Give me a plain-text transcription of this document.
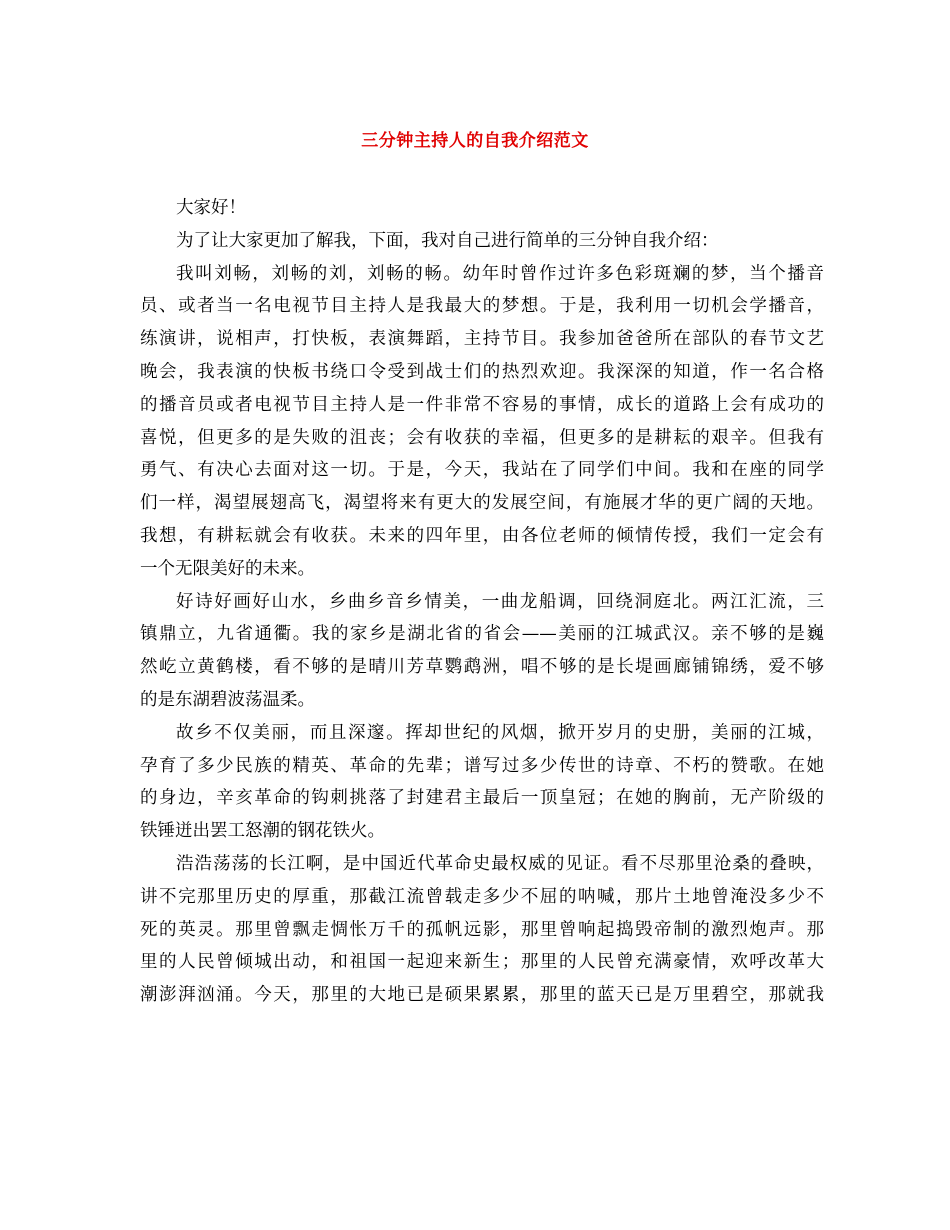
三分钟主持人的自我介绍范文
大家好！
为了让大家更加了解我，下面，我对自己进行简单的三分钟自我介绍：
我叫刘畅，刘畅的刘，刘畅的畅。幼年时曾作过许多色彩斑斓的梦，当个播音
员、或者当一名电视节目主持人是我最大的梦想。于是，我利用一切机会学播音，
练演讲，说相声，打快板，表演舞蹈，主持节目。我参加爸爸所在部队的春节文艺
晚会，我表演的快板书绕口令受到战士们的热烈欢迎。我深深的知道，作一名合格
的播音员或者电视节目主持人是一件非常不容易的事情，成长的道路上会有成功的
喜悦，但更多的是失败的沮丧；会有收获的幸福，但更多的是耕耘的艰辛。但我有
勇气、有决心去面对这一切。于是，今天，我站在了同学们中间。我和在座的同学
们一样，渴望展翅高飞，渴望将来有更大的发展空间，有施展才华的更广阔的天地。
我想，有耕耘就会有收获。未来的四年里，由各位老师的倾情传授，我们一定会有
一个无限美好的未来。
好诗好画好山水，乡曲乡音乡情美，一曲龙船调，回绕洞庭北。两江汇流，三
镇鼎立，九省通衢。我的家乡是湖北省的省会——美丽的江城武汉。亲不够的是巍
然屹立黄鹤楼，看不够的是晴川芳草鹦鹉洲，唱不够的是长堤画廊铺锦绣，爱不够
的是东湖碧波荡温柔。
故乡不仅美丽，而且深邃。挥却世纪的风烟，掀开岁月的史册，美丽的江城，
孕育了多少民族的精英、革命的先辈；谱写过多少传世的诗章、不朽的赞歌。在她
的身边，辛亥革命的钩刺挑落了封建君主最后一顶皇冠；在她的胸前，无产阶级的
铁锤迸出罢工怒潮的钢花铁火。
浩浩荡荡的长江啊，是中国近代革命史最权威的见证。看不尽那里沧桑的叠映，
讲不完那里历史的厚重，那截江流曾载走多少不屈的呐喊，那片土地曾淹没多少不
死的英灵。那里曾飘走惆怅万千的孤帆远影，那里曾响起捣毁帝制的激烈炮声。那
里的人民曾倾城出动，和祖国一起迎来新生；那里的人民曾充满豪情，欢呼改革大
潮澎湃汹涌。今天，那里的大地已是硕果累累，那里的蓝天已是万里碧空，那就我
